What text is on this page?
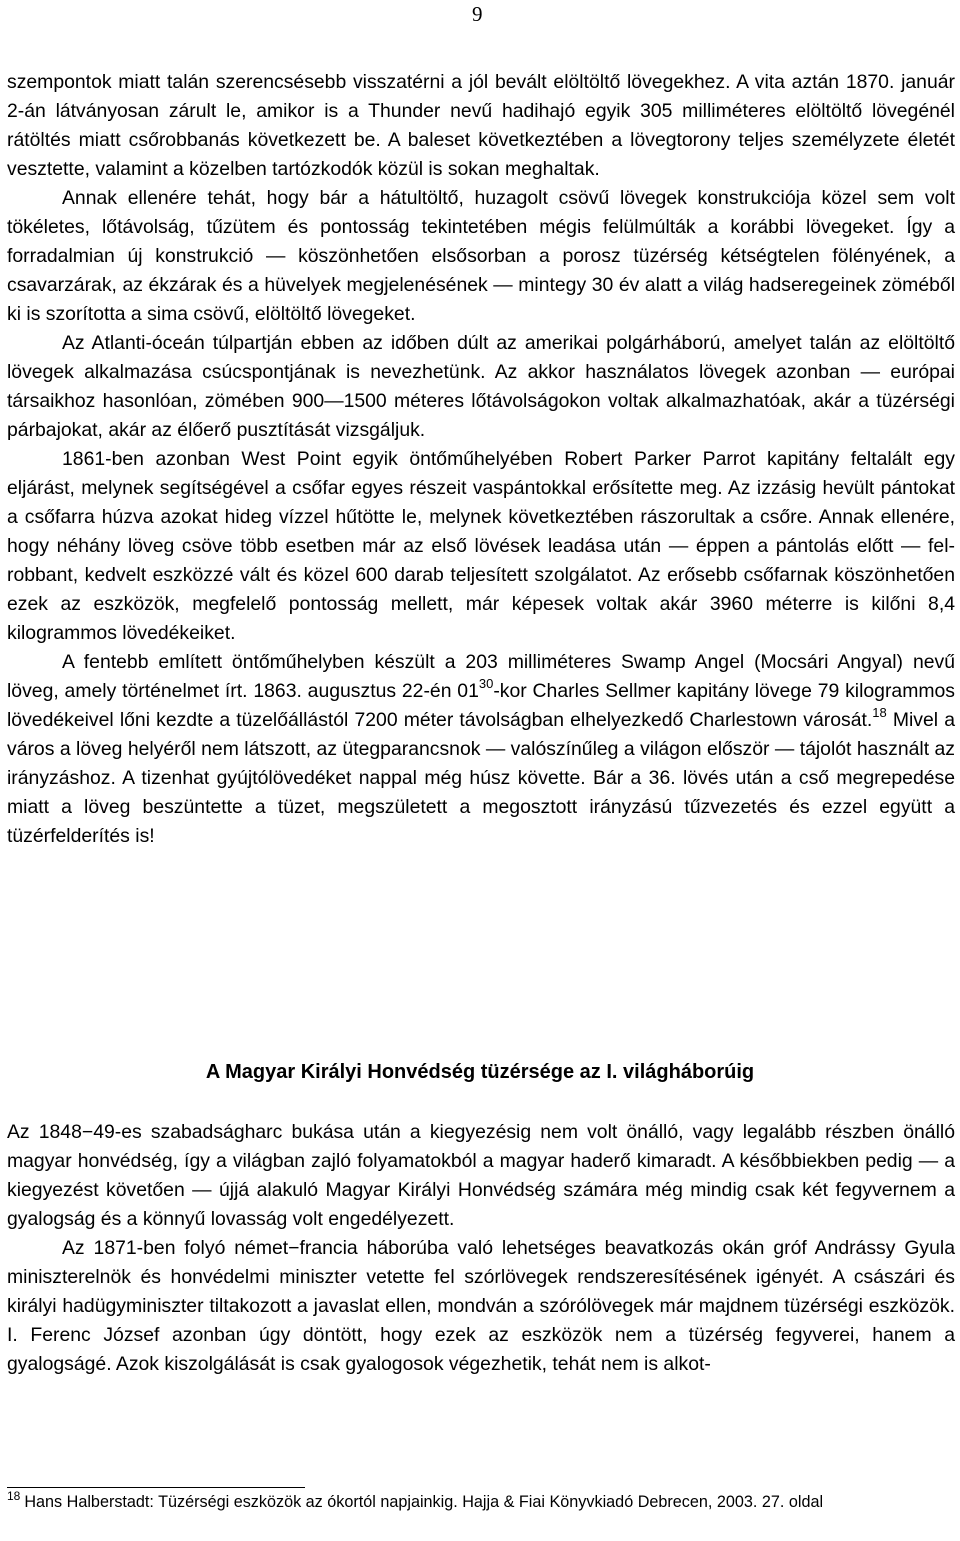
9

szempontok miatt talán szerencsésebb visszatérni a jól bevált elöltöltő lövegekhez. A vita aztán 1870. január 2-án látványosan zárult le, amikor is a Thunder nevű hadihajó egyik 305 milliméteres elöltöltő lövegénél rátöltés miatt csőrobbanás következett be. A baleset következtében a lövegtorony teljes személyzete életét vesztette, valamint a közelben tartózkodók közül is sokan meghaltak.

Annak ellenére tehát, hogy bár a hátultöltő, huzagolt csövű lövegek konstrukciója közel sem volt tökéletes, lőtávolság, tűzütem és pontosság tekintetében mégis felülmúlták a korábbi lövegeket. Így a forradalmian új konstrukció — köszönhetően elsősorban a porosz tüzérség kétségtelen fölényének, a csavarzárak, az ékzárak és a hüvelyek megjelenésének — mintegy 30 év alatt a világ hadseregeinek zöméből ki is szorította a sima csövű, elöltöltő lövegeket.

Az Atlanti-óceán túlpartján ebben az időben dúlt az amerikai polgárháború, amelyet talán az elöltöltő lövegek alkalmazása csúcspontjának is nevezhetünk. Az akkor használatos lövegek azonban — európai társaikhoz hasonlóan, zömében 900—1500 méteres lőtávolságokon voltak alkalmazhatóak, akár a tüzérségi párbajokat, akár az élőerő pusztítását vizsgáljuk.

1861-ben azonban West Point egyik öntőműhelyében Robert Parker Parrot kapitány feltalált egy eljárást, melynek segítségével a csőfar egyes részeit vaspántokkal erősítette meg. Az izzásig hevült pántokat a csőfarra húzva azokat hideg vízzel hűtötte le, melynek következtében rászorultak a csőre. Annak ellenére, hogy néhány löveg csöve több esetben már az első lövések leadása után — éppen a pántolás előtt — felrobbant, kedvelt eszközzé vált és közel 600 darab teljesített szolgálatot. Az erősebb csőfarnak köszönhetően ezek az eszközök, megfelelő pontosság mellett, már képesek voltak akár 3960 méterre is kilőni 8,4 kilogrammos lövedékeiket.

A fentebb említett öntőműhelyben készült a 203 milliméteres Swamp Angel (Mocsári Angyal) nevű löveg, amely történelmet írt. 1863. augusztus 22-én $01^{30}$-kor Charles Sellmer kapitány lövege 79 kilogrammos lövedékeivel lőni kezdte a tüzelőállástól 7200 méter távolságban elhelyezkedő Charlestown városát.$^{18}$ Mivel a város a löveg helyéről nem látszott, az ütegparancsnok — valószínűleg a világon először — tájolót használt az irányzáshoz. A tizenhat gyújtólövedéket nappal még húsz követte. Bár a 36. lövés után a cső megrepedése miatt a löveg beszüntette a tüzet, megszületett a megosztott irányzású tűzvezetés és ezzel együtt a tüzérfelderítés is!

A Magyar Királyi Honvédség tüzérsége az I. világháborúig

Az 1848−49-es szabadságharc bukása után a kiegyezésig nem volt önálló, vagy legalább részben önálló magyar honvédség, így a világban zajló folyamatokból a magyar haderő kimaradt. A későbbiekben pedig — a kiegyezést követően — újjá alakuló Magyar Királyi Honvédség számára még mindig csak két fegyvernem a gyalogság és a könnyű lovasság volt engedélyezett.

Az 1871-ben folyó német−francia háborúba való lehetséges beavatkozás okán gróf Andrássy Gyula miniszterelnök és honvédelmi miniszter vetette fel szórlövegek rendszeresítésének igényét. A császári és királyi hadügyminiszter tiltakozott a javaslat ellen, mondván a szórólövegek már majdnem tüzérségi eszközök. I. Ferenc József azonban úgy döntött, hogy ezek az eszközök nem a tüzérség fegyverei, hanem a gyalogságé. Azok kiszolgálását is csak gyalogosok végezhetik, tehát nem is alkot-

$^{18}$ Hans Halberstadt: Tüzérségi eszközök az ókortól napjainkig. Hajja & Fiai Könyvkiadó Debrecen, 2003. 27. oldal
